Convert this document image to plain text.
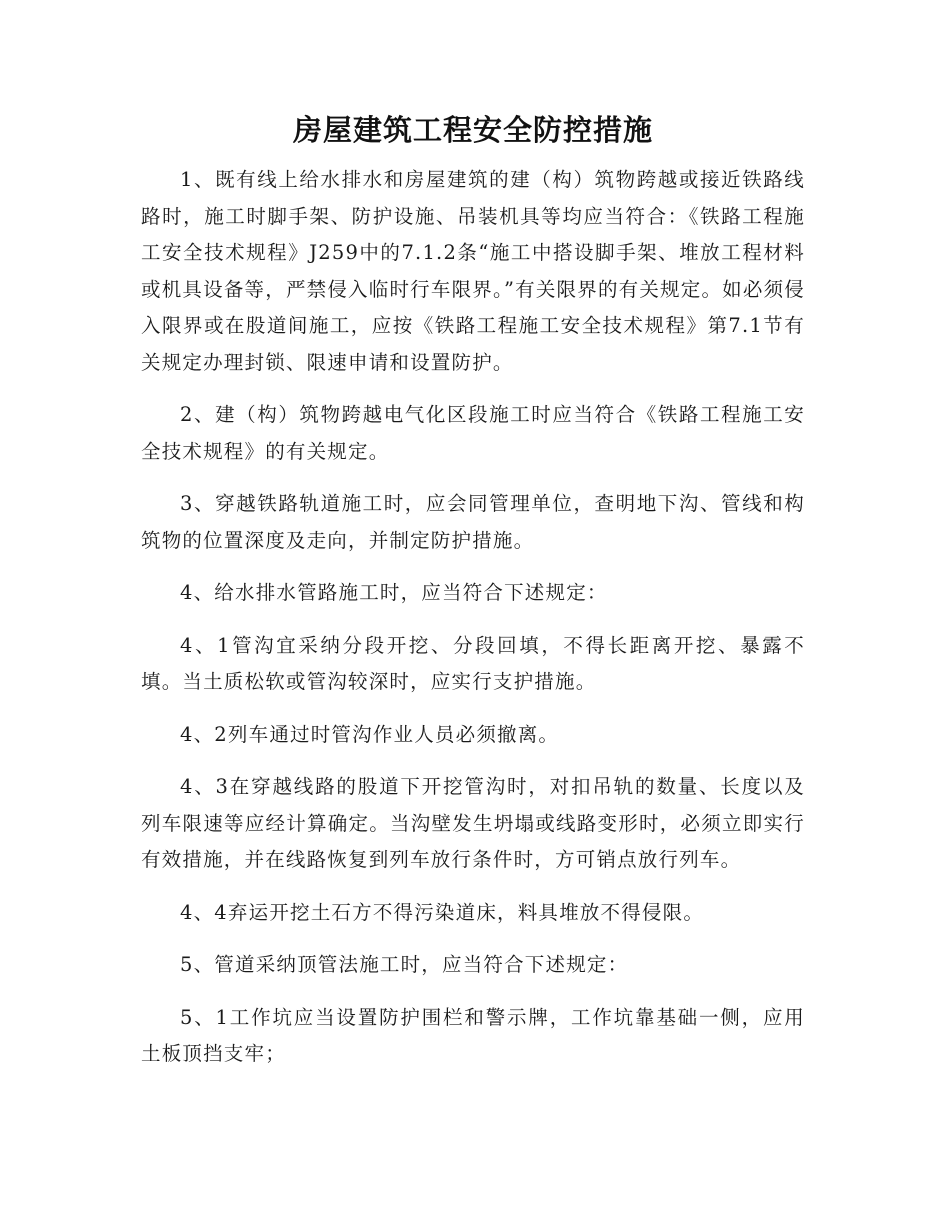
房屋建筑工程安全防控措施

1、既有线上给水排水和房屋建筑的建（构）筑物跨越或接近铁路线路时，施工时脚手架、防护设施、吊装机具等均应当符合：《铁路工程施工安全技术规程》J259中的7.1.2条“施工中搭设脚手架、堆放工程材料或机具设备等，严禁侵入临时行车限界。”有关限界的有关规定。如必须侵入限界或在股道间施工，应按《铁路工程施工安全技术规程》第7.1节有关规定办理封锁、限速申请和设置防护。

2、建（构）筑物跨越电气化区段施工时应当符合《铁路工程施工安全技术规程》的有关规定。

3、穿越铁路轨道施工时，应会同管理单位，查明地下沟、管线和构筑物的位置深度及走向，并制定防护措施。

4、给水排水管路施工时，应当符合下述规定：

4、1管沟宜采纳分段开挖、分段回填，不得长距离开挖、暴露不填。当土质松软或管沟较深时，应实行支护措施。

4、2列车通过时管沟作业人员必须撤离。

4、3在穿越线路的股道下开挖管沟时，对扣吊轨的数量、长度以及列车限速等应经计算确定。当沟壁发生坍塌或线路变形时，必须立即实行有效措施，并在线路恢复到列车放行条件时，方可销点放行列车。

4、4弃运开挖土石方不得污染道床，料具堆放不得侵限。

5、管道采纳顶管法施工时，应当符合下述规定：

5、1工作坑应当设置防护围栏和警示牌，工作坑靠基础一侧，应用土板顶挡支牢；
